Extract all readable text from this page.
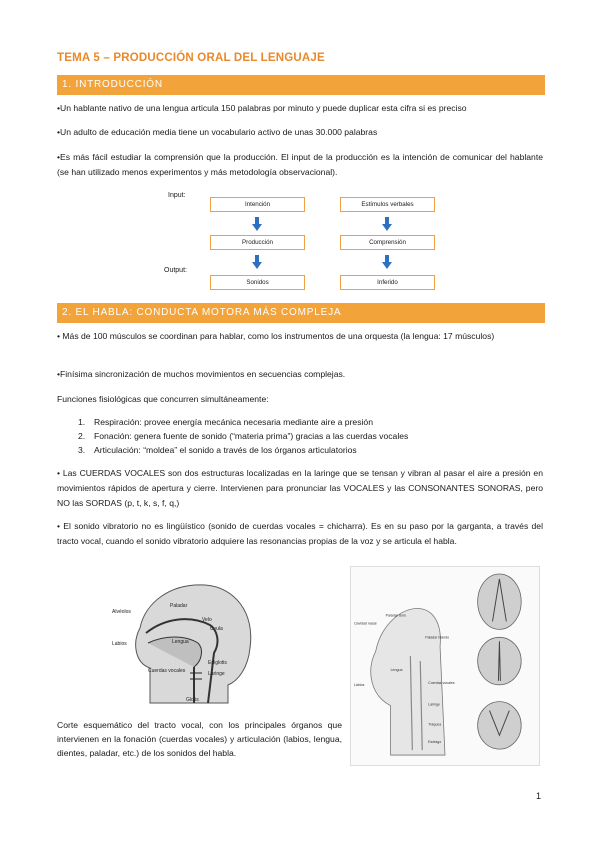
TEMA 5 – PRODUCCIÓN ORAL DEL LENGUAJE
1. INTRODUCCIÓN
•Un hablante nativo de una lengua articula 150 palabras por minuto y puede duplicar esta cifra si es preciso
•Un adulto de educación media tiene un vocabulario activo de unas 30.000 palabras
•Es más fácil estudiar la comprensión que la producción. El input de la producción es la intención de comunicar del hablante (se han utilizado menos experimentos y más metodología observacional).
Input:
Output:
Intención
Producción
Sonidos
Estímulos verbales
Comprensión
Inferido
2. EL HABLA: CONDUCTA MOTORA MÁS COMPLEJA
• Más de 100 músculos se coordinan para hablar, como los instrumentos de una orquesta (la lengua: 17 músculos)
•Finísima sincronización de muchos movimientos en secuencias complejas.
Funciones fisiológicas que concurren simultáneamente:
1. Respiración: provee energía mecánica necesaria mediante aire a presión
2. Fonación: genera fuente de sonido (“materia prima”) gracias a las cuerdas vocales
3. Articulación: “moldea” el sonido a través de los órganos articulatorios
• Las CUERDAS VOCALES son dos estructuras localizadas en la laringe que se tensan y vibran al pasar el aire a presión en movimientos rápidos de apertura y cierre. Intervienen para pronunciar las VOCALES y las CONSONANTES SONORAS, pero NO las SORDAS (p, t, k, s, f, q,)
• El sonido vibratorio no es lingüístico (sonido de cuerdas vocales = chicharra). Es en su paso por la garganta, a través del tracto vocal, cuando el sonido vibratorio adquiere las resonancias propias de la voz y se articula el habla.
Paladar
Alvéolos
Velo
Úvula
Labios	Lengua
Epiglotis
Cuerdas vocales	Laringe
Glotis
Corte esquemático del tracto vocal, con los principales órganos que intervienen en la fonación (cuerdas vocales) y articulación (labios, lengua, dientes, paladar, etc.) de los sonidos del habla.
Cavidad nasal
Paladar duro
Paladar blando
Lengua
Labios	Cuerdas vocales
Laringe
Tráquea
Esófago
1
